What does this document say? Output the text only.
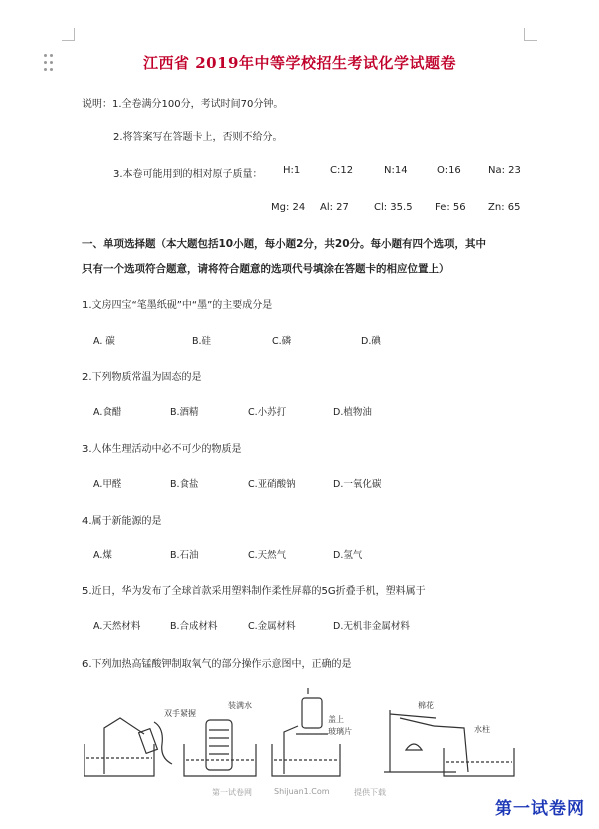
江西省 2019年中等学校招生考试化学试题卷
说明：1.全卷满分100分，考试时间70分钟。
2.将答案写在答题卡上，否则不给分。
3.本卷可能用到的相对原子质量： H:1	C:12	N:14	O:16	Na: 23
Mg: 24 Al: 27	Cl: 35.5 Fe: 56 Zn: 65
一、单项选择题（本大题包括10小题，每小题2分，共20分。每小题有四个选项，其中
只有一个选项符合题意，请将符合题意的选项代号填涂在答题卡的相应位置上）
1.文房四宝“笔墨纸砚”中“墨”的主要成分是
A. 碳	B.硅	C.磷	D.碘
2.下列物质常温为固态的是
A.食醋	B.酒精	C.小苏打	D.植物油
3.人体生理活动中必不可少的物质是
A.甲醛	B.食盐	C.亚硝酸钠	D.一氧化碳
4.属于新能源的是
A.煤	B.石油	C.天然气	D.氢气
5.近日，华为发布了全球首款采用塑料制作柔性屏幕的5G折叠手机，塑料属于
A.天然材料	B.合成材料	C.金属材料	D.无机非金属材料
6.下列加热高锰酸钾制取氧气的部分操作示意图中，正确的是
双手紧握
装满水
盖上
玻璃片
棉花
水柱
第一试卷网	Shijuan1.Com	提供下载
第一试卷网
